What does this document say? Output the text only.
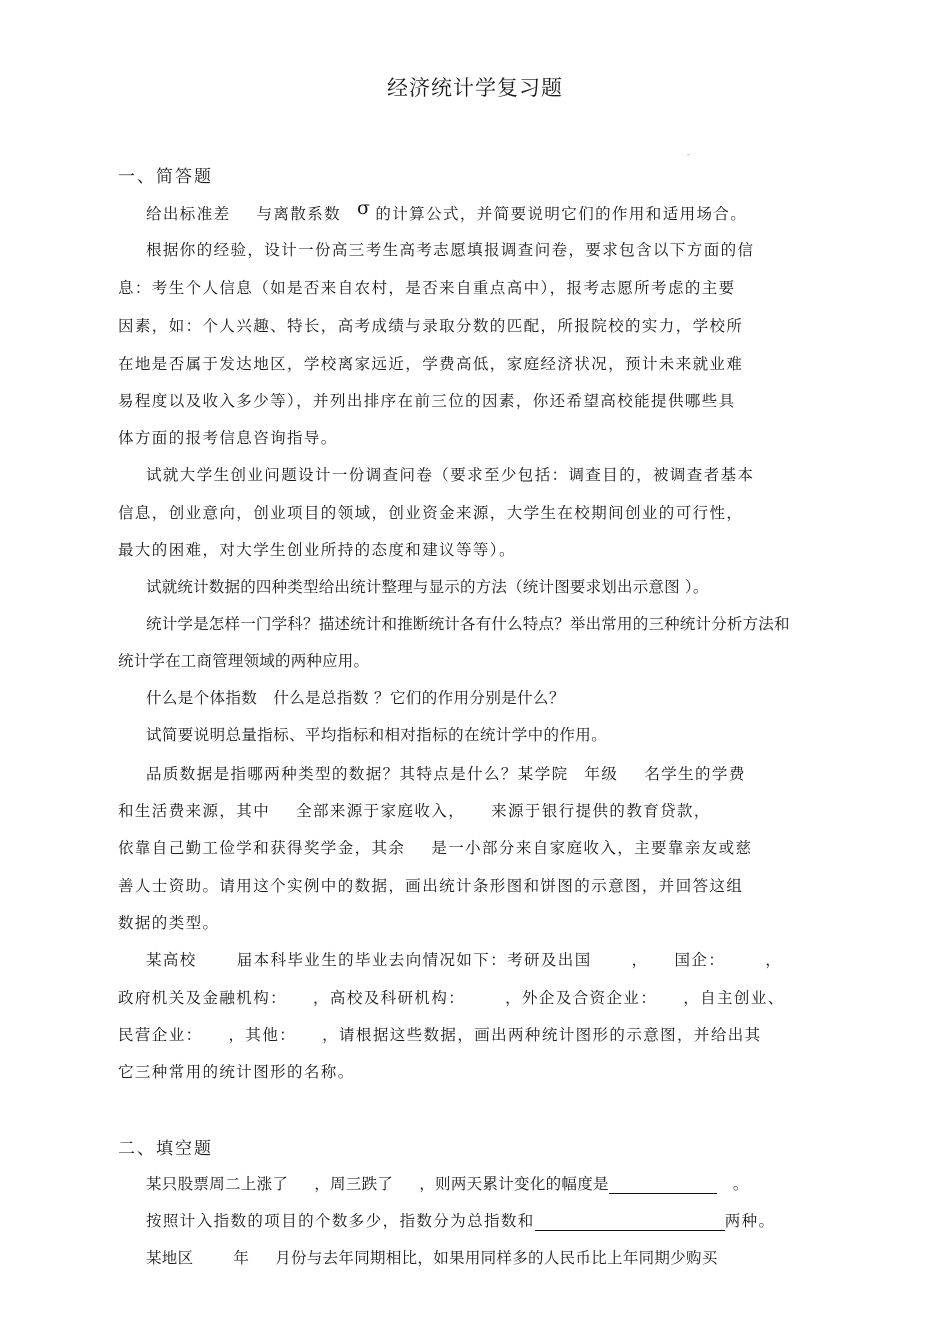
经济统计学复习题
-
一、简答题
给出标准差 与离散系数 σ 的计算公式，并简要说明它们的作用和适用场合。
根据你的经验，设计一份高三考生高考志愿填报调查问卷，要求包含以下方面的信
息：考生个人信息（如是否来自农村，是否来自重点高中），报考志愿所考虑的主要
因素，如：个人兴趣、特长，高考成绩与录取分数的匹配，所报院校的实力，学校所
在地是否属于发达地区，学校离家远近，学费高低，家庭经济状况，预计未来就业难
易程度以及收入多少等），并列出排序在前三位的因素，你还希望高校能提供哪些具
体方面的报考信息咨询指导。
试就大学生创业问题设计一份调查问卷（要求至少包括：调查目的，被调查者基本
信息，创业意向，创业项目的领域，创业资金来源，大学生在校期间创业的可行性，
最大的困难，对大学生创业所持的态度和建议等等）。
试就统计数据的四种类型给出统计整理与显示的方法（统计图要求划出示意图 ）。
统计学是怎样一门学科？描述统计和推断统计各有什么特点？举出常用的三种统计分析方法和
统计学在工商管理领域的两种应用。
什么是个体指数 什么是总指数 ？它们的作用分别是什么？
试简要说明总量指标、平均指标和相对指标的在统计学中的作用。
品质数据是指哪两种类型的数据？其特点是什么？某学院 年级 名学生的学费
和生活费来源，其中 全部来源于家庭收入， 来源于银行提供的教育贷款，
依靠自己勤工俭学和获得奖学金，其余 是一小部分来自家庭收入，主要靠亲友或慈
善人士资助。请用这个实例中的数据，画出统计条形图和饼图的示意图，并回答这组
数据的类型。
某高校	届本科毕业生的毕业去向情况如下：考研及出国	， 国企：	，
政府机关及金融机构： ，高校及科研机构：	，外企及合资企业： ，自主创业、
民营企业： ，其他： ，请根据这些数据，画出两种统计图形的示意图，并给出其
它三种常用的统计图形的名称。
二、填空题
某只股票周二上涨了 ，周三跌了 ，则两天累计变化的幅度是	。
按照计入指数的项目的个数多少，指数分为总指数和	两种。
某地区	年 月份与去年同期相比，如果用同样多的人民币比上年同期少购买
